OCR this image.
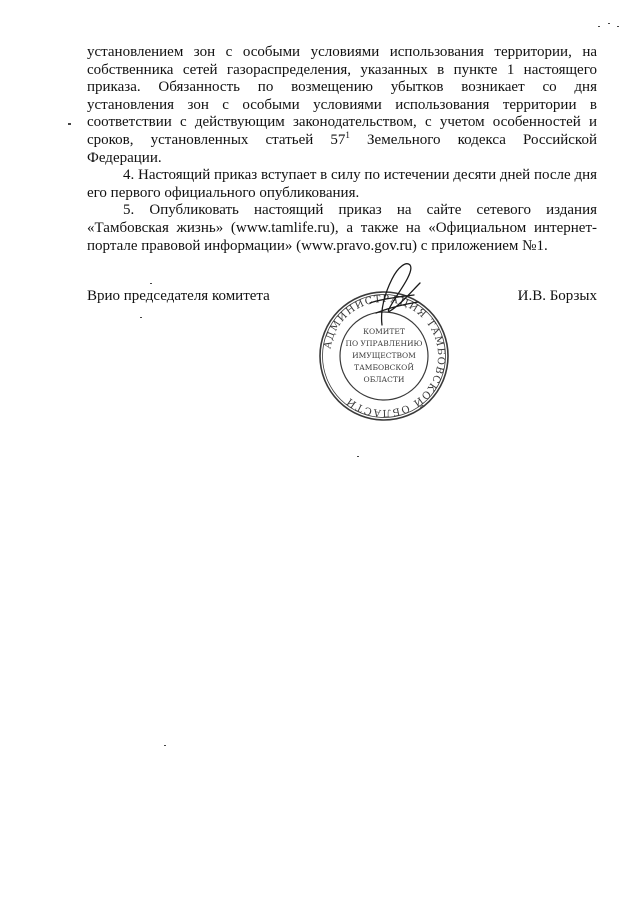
установлением зон с особыми условиями использования территории, на

собственника сетей газораспределения, указанных в пункте 1 настоящего

приказа. Обязанность по возмещению убытков возникает со дня

установления зон с особыми условиями использования территории в

соответствии с действующим законодательством, с учетом особенностей и

сроков, установленных статьей $57^1$ Земельного кодекса Российской

Федерации.

4. Настоящий приказ вступает в силу по истечении десяти дней после дня его первого официального опубликования.

5. Опубликовать настоящий приказ на сайте сетевого издания «Тамбовская жизнь» (www.tamlife.ru), а также на «Официальном интернет-портале правовой информации» (www.pravo.gov.ru) с приложением №1.

Врио председателя комитета	И.В. Борзых
АДМИНИСТРАЦИЯ ТАМБОВСКОЙ ОБЛАСТИ
КОМИТЕТ
ПО УПРАВЛЕНИЮ
ИМУЩЕСТВОМ
ТАМБОВСКОЙ
ОБЛАСТИ
